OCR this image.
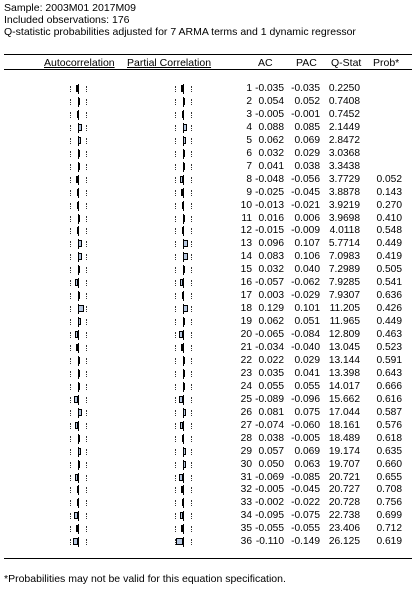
Sample: 2003M01 2017M09
Included observations: 176
Q-statistic probabilities adjusted for 7 ARMA terms and 1 dynamic regressor
Autocorrelation Partial Correlation	AC PAC Q-Stat Prob*
1 -0.035 -0.035 0.2250
2 0.054	0.052 0.7408
3 -0.005 -0.001 0.7452
4 0.088	0.085 2.1449
5 0.062	0.069 2.8472
6 0.032	0.029 3.0368
7 0.041	0.038 3.3438
8 -0.048 -0.056 3.7729	0.052
9 -0.025 -0.045 3.8878	0.143
10 -0.013 -0.021 3.9219	0.270
11 0.016	0.006 3.9698	0.410
12 -0.015 -0.009 4.0118	0.548
13 0.096	0.107 5.7714	0.449
14 0.083	0.106 7.0983	0.419
15 0.032	0.040 7.2989	0.505
16 -0.057 -0.062 7.9285	0.541
17 0.003 -0.029 7.9307	0.636
18 0.129	0.101 11.205	0.426
19 0.062	0.051 11.965	0.449
20 -0.065 -0.084 12.809	0.463
21 -0.034 -0.040 13.045	0.523
22 0.022	0.029 13.144	0.591
23 0.035	0.041 13.398	0.643
24 0.055	0.055 14.017	0.666
25 -0.089 -0.096 15.662	0.616
26 0.081	0.075 17.044	0.587
27 -0.074 -0.060 18.161	0.576
28 0.038 -0.005 18.489	0.618
29 0.057	0.069 19.174	0.635
30 0.050	0.063 19.707	0.660
31 -0.069 -0.085 20.721	0.655
32 -0.005 -0.045 20.727	0.708
33 -0.002 -0.022 20.728	0.756
34 -0.095 -0.075 22.738	0.699
35 -0.055 -0.055 23.406	0.712
36 -0.110 -0.149 26.125	0.619
*Probabilities may not be valid for this equation specification.
